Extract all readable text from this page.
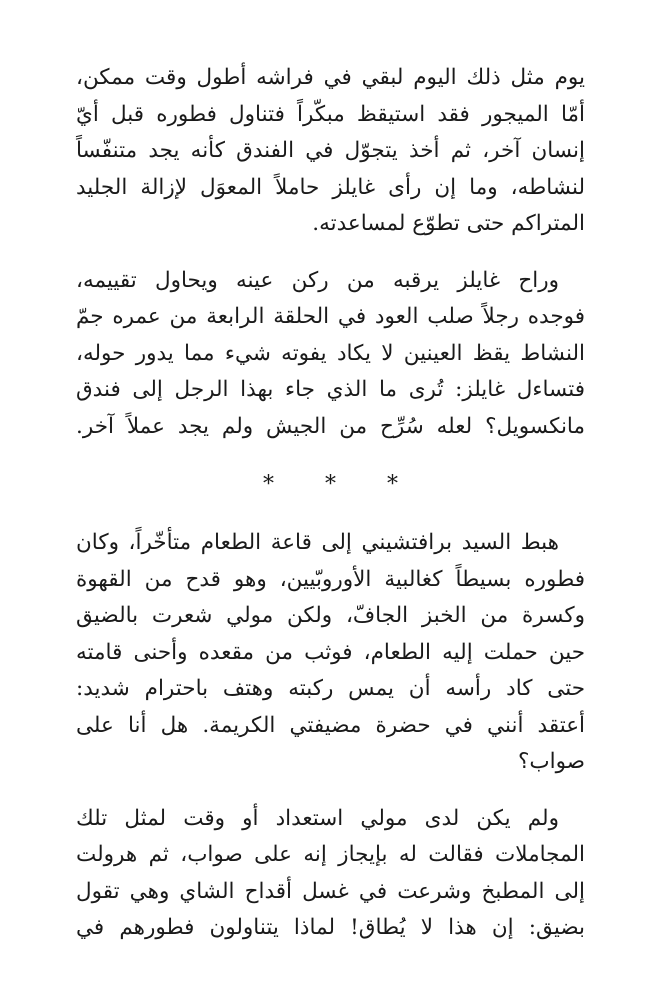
يوم مثل ذلك اليوم لبقي في فراشه أطول وقت ممكن،
أمّا الميجور فقد استيقظ مبكّراً فتناول فطوره قبل أيّ
إنسان آخر، ثم أخذ يتجوّل في الفندق كأنه يجد متنفّساً
لنشاطه، وما إن رأى غايلز حاملاً المعوَل لإزالة الجليد
المتراكم حتى تطوّع لمساعدته.

وراح غايلز يرقبه من ركن عينه ويحاول تقييمه،
فوجده رجلاً صلب العود في الحلقة الرابعة من عمره جمّ
النشاط يقظ العينين لا يكاد يفوته شيء مما يدور حوله،
فتساءل غايلز: تُرى ما الذي جاء بهذا الرجل إلى فندق
مانكسويل؟ لعله سُرِّح من الجيش ولم يجد عملاً آخر.

* * *

هبط السيد برافتشيني إلى قاعة الطعام متأخّراً، وكان
فطوره بسيطاً كغالبية الأوروبّيين، وهو قدح من القهوة
وكسرة من الخبز الجافّ، ولكن مولي شعرت بالضيق
حين حملت إليه الطعام، فوثب من مقعده وأحنى قامته
حتى كاد رأسه أن يمس ركبته وهتف باحترام شديد:
أعتقد أنني في حضرة مضيفتي الكريمة. هل أنا على
صواب؟

ولم يكن لدى مولي استعداد أو وقت لمثل تلك
المجاملات فقالت له بإيجاز إنه على صواب، ثم هرولت
إلى المطبخ وشرعت في غسل أقداح الشاي وهي تقول
بضيق: إن هذا لا يُطاق! لماذا يتناولون فطورهم في
